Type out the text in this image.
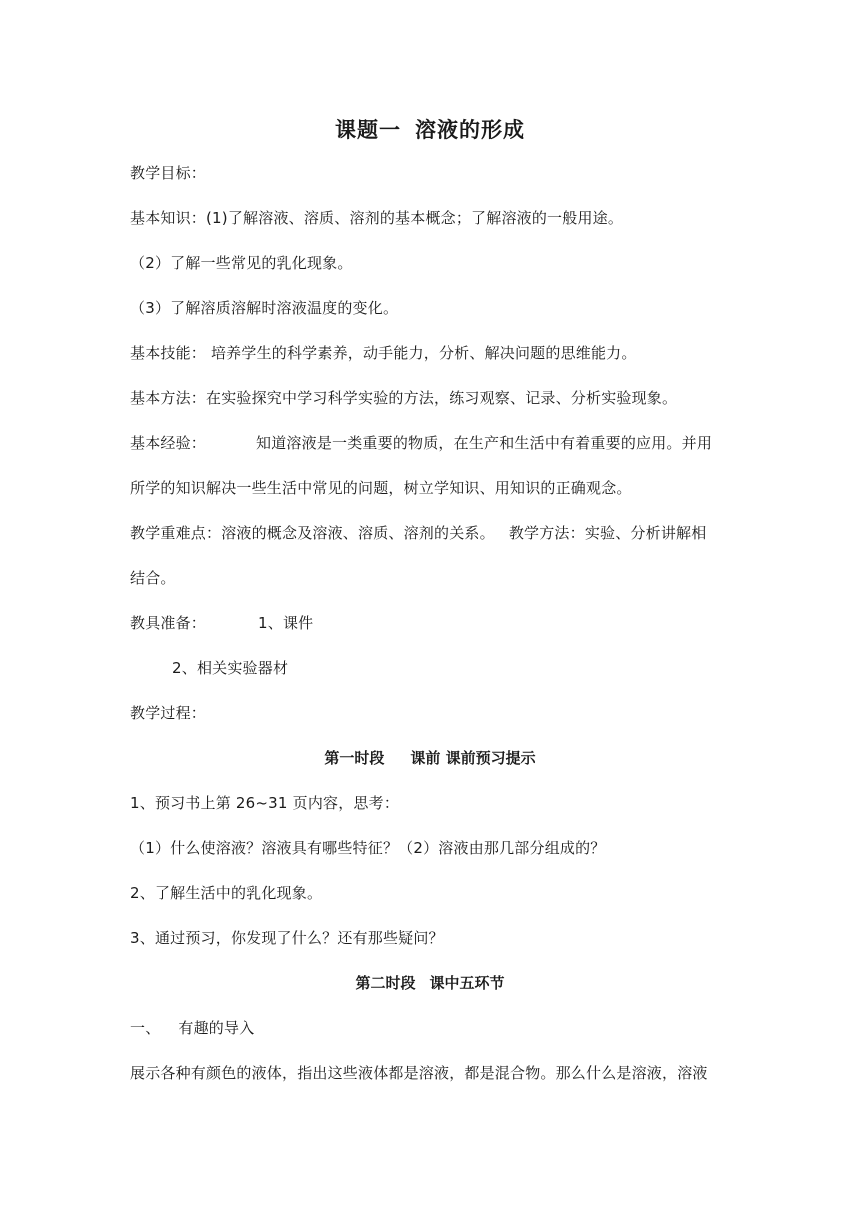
课题一 溶液的形成
教学目标：
基本知识：(1)了解溶液、溶质、溶剂的基本概念；了解溶液的一般用途。
（2）了解一些常见的乳化现象。
（3）了解溶质溶解时溶液温度的变化。
基本技能： 培养学生的科学素养，动手能力，分析、解决问题的思维能力。
基本方法：在实验探究中学习科学实验的方法，练习观察、记录、分析实验现象。
基本经验：	知道溶液是一类重要的物质，在生产和生活中有着重要的应用。并用
所学的知识解决一些生活中常见的问题，树立学知识、用知识的正确观念。
教学重难点：溶液的概念及溶液、溶质、溶剂的关系。 教学方法：实验、分析讲解相
结合。
教具准备：	1、课件
2、相关实验器材
教学过程：
第一时段 课前 课前预习提示
1、预习书上第 26~31 页内容，思考：
（1）什么使溶液？溶液具有哪些特征？（2）溶液由那几部分组成的？
2、了解生活中的乳化现象。
3、通过预习，你发现了什么？还有那些疑问？
第二时段 课中五环节
一、 有趣的导入
展示各种有颜色的液体，指出这些液体都是溶液，都是混合物。那么什么是溶液，溶液
